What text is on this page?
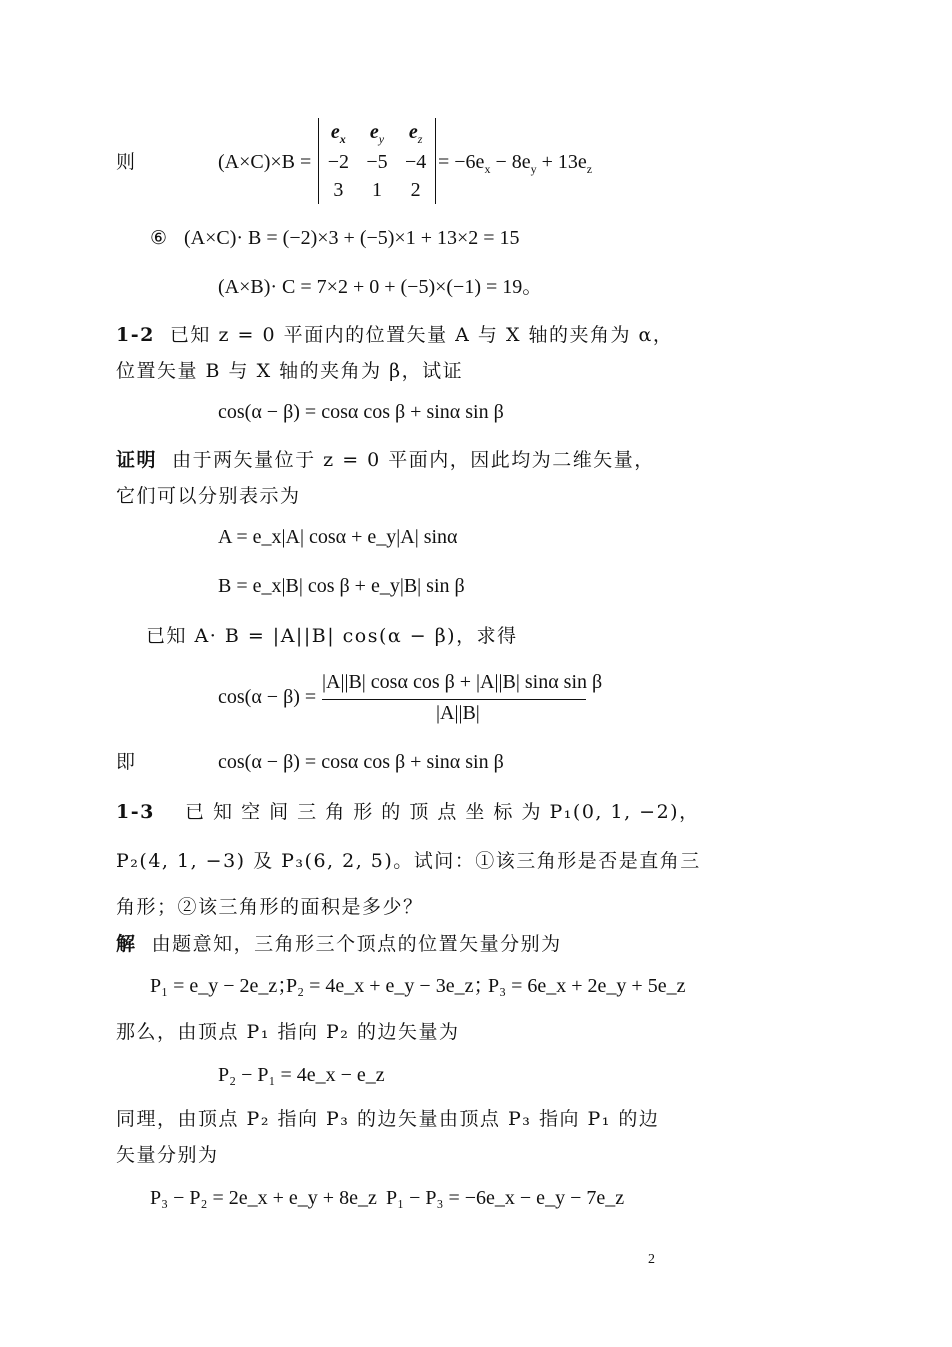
则	(A×C)×B =
$e_x$	$e_y$	$e_z$
−2	−5	−4
3	1	2
= $-6e_x - 8e_y + 13e_z$
⑥ (A×C)· B = (−2)×3 + (−5)×1 + 13×2 = 15
(A×B)· C = 7×2 + 0 + (−5)×(−1) = 19。
1-2 已知 z = 0 平面内的位置矢量 A 与 X 轴的夹角为 α，
位置矢量 B 与 X 轴的夹角为 β，试证
cos(α − β) = cosα cos β + sinα sin β
证明 由于两矢量位于 z = 0 平面内，因此均为二维矢量，
它们可以分别表示为
A = e_x|A| cosα + e_y|A| sinα
B = e_x|B| cos β + e_y|B| sin β
已知 A· B = |A||B| cos(α − β)，求得
cos(α − β) =
|A||B| cosα cos β + |A||B| sinα sin β
|A||B|
即	cos(α − β) = cosα cos β + sinα sin β
1-3 已 知 空 间 三 角 形 的 顶 点 坐 标 为 P₁(0, 1, −2)，
P₂(4, 1, −3) 及 P₃(6, 2, 5)。试问：①该三角形是否是直角三
角形；②该三角形的面积是多少？
解 由题意知，三角形三个顶点的位置矢量分别为
P₁ = e_y − 2e_z；
P₂ = 4e_x + e_y − 3e_z；
P₃ = 6e_x + 2e_y + 5e_z
那么，由顶点 P₁ 指向 P₂ 的边矢量为
P₂ − P₁ = 4e_x − e_z
同理，由顶点 P₂ 指向 P₃ 的边矢量由顶点 P₃ 指向 P₁ 的边
矢量分别为
P₃ − P₂ = 2e_x + e_y + 8e_z P₁ − P₃ = −6e_x − e_y − 7e_z
2
